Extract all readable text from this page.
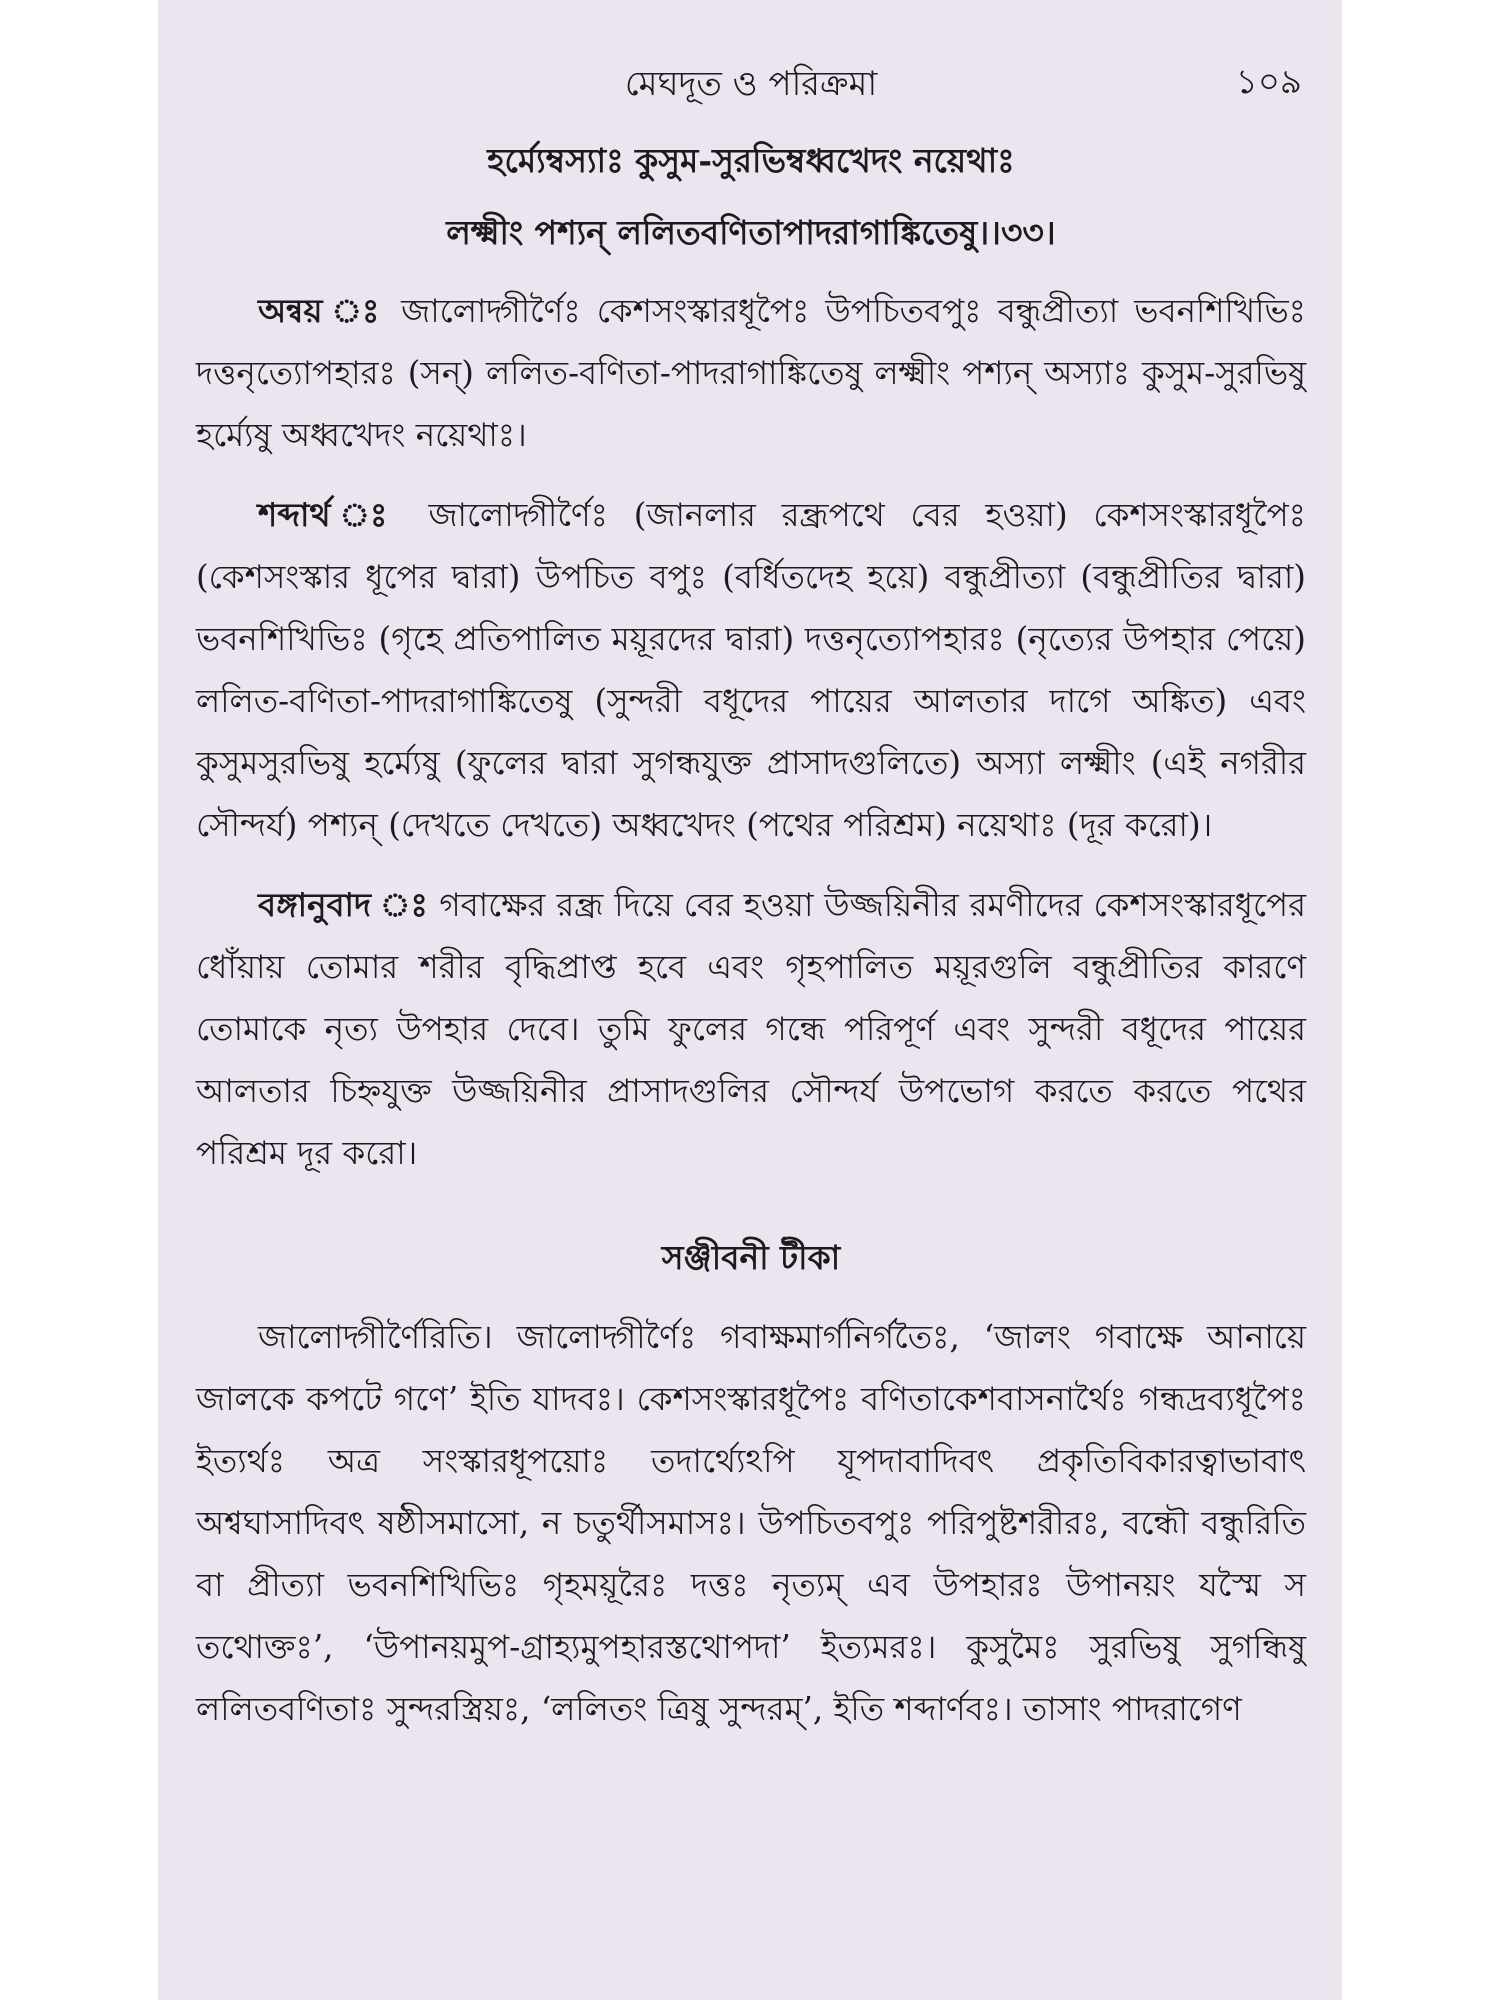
মেঘদূত ও পরিক্রমা	১০৯
হর্ম্যেম্বস্যাঃ কুসুম-সুরভিম্বধ্বখেদং নয়েথাঃ
লক্ষ্মীং পশ্যন্ ললিতবণিতাপাদরাগাঙ্কিতেষু।।৩৩।

অন্বয় ঃ জালোদ্গীর্ণৈঃ কেশসংস্কারধূপৈঃ উপচিতবপুঃ বন্ধুপ্রীত্যা ভবনশিখিভিঃ দত্তনৃত্যোপহারঃ (সন্) ললিত-বণিতা-পাদরাগাঙ্কিতেষু লক্ষ্মীং পশ্যন্ অস্যাঃ কুসুম-সুরভিষু হর্ম্যেষু অধ্বখেদং নয়েথাঃ।

শব্দার্থ ঃ জালোদ্গীর্ণৈঃ (জানলার রন্ধ্রপথে বের হওয়া) কেশসংস্কারধূপৈঃ (কেশসংস্কার ধূপের দ্বারা) উপচিত বপুঃ (বর্ধিতদেহ হয়ে) বন্ধুপ্রীত্যা (বন্ধুপ্রীতির দ্বারা) ভবনশিখিভিঃ (গৃহে প্রতিপালিত ময়ূরদের দ্বারা) দত্তনৃত্যোপহারঃ (নৃত্যের উপহার পেয়ে) ললিত-বণিতা-পাদরাগাঙ্কিতেষু (সুন্দরী বধূদের পায়ের আলতার দাগে অঙ্কিত) এবং কুসুমসুরভিষু হর্ম্যেষু (ফুলের দ্বারা সুগন্ধযুক্ত প্রাসাদগুলিতে) অস্যা লক্ষ্মীং (এই নগরীর সৌন্দর্য) পশ্যন্ (দেখতে দেখতে) অধ্বখেদং (পথের পরিশ্রম) নয়েথাঃ (দূর করো)।

বঙ্গানুবাদ ঃ গবাক্ষের রন্ধ্র দিয়ে বের হওয়া উজ্জয়িনীর রমণীদের কেশসংস্কারধূপের ধোঁয়ায় তোমার শরীর বৃদ্ধিপ্রাপ্ত হবে এবং গৃহপালিত ময়ূরগুলি বন্ধুপ্রীতির কারণে তোমাকে নৃত্য উপহার দেবে। তুমি ফুলের গন্ধে পরিপূর্ণ এবং সুন্দরী বধূদের পায়ের আলতার চিহ্নযুক্ত উজ্জয়িনীর প্রাসাদগুলির সৌন্দর্য উপভোগ করতে করতে পথের পরিশ্রম দূর করো।

সঞ্জীবনী টীকা

জালোদ্গীর্ণৈরিতি। জালোদ্গীর্ণৈঃ গবাক্ষমার্গনির্গতৈঃ, ‘জালং গবাক্ষে আনায়ে জালকে কপটে গণে’ ইতি যাদবঃ। কেশসংস্কারধূপৈঃ বণিতাকেশবাসনার্থৈঃ গন্ধদ্রব্যধূপৈঃ ইত্যর্থঃ অত্র সংস্কারধূপয়োঃ তদার্থ্যেঽপি যূপদাবাদিবৎ প্রকৃতিবিকারত্বাভাবাৎ অশ্বঘাসাদিবৎ ষষ্ঠীসমাসো, ন চতুর্থীসমাসঃ। উপচিতবপুঃ পরিপুষ্টশরীরঃ, বন্ধৌ বন্ধুরিতি বা প্রীত্যা ভবনশিখিভিঃ গৃহময়ূরৈঃ দত্তঃ নৃত্যম্ এব উপহারঃ উপানয়ং যস্মৈ স তথোক্তঃ’, ‘উপানয়মুপ-গ্রাহ্যমুপহারস্তথোপদা’ ইত্যমরঃ। কুসুমৈঃ সুরভিষু সুগন্ধিষু ললিতবণিতাঃ সুন্দরস্ত্রিয়ঃ, ‘ললিতং ত্রিষু সুন্দরম্’, ইতি শব্দার্ণবঃ। তাসাং পাদরাগেণ
